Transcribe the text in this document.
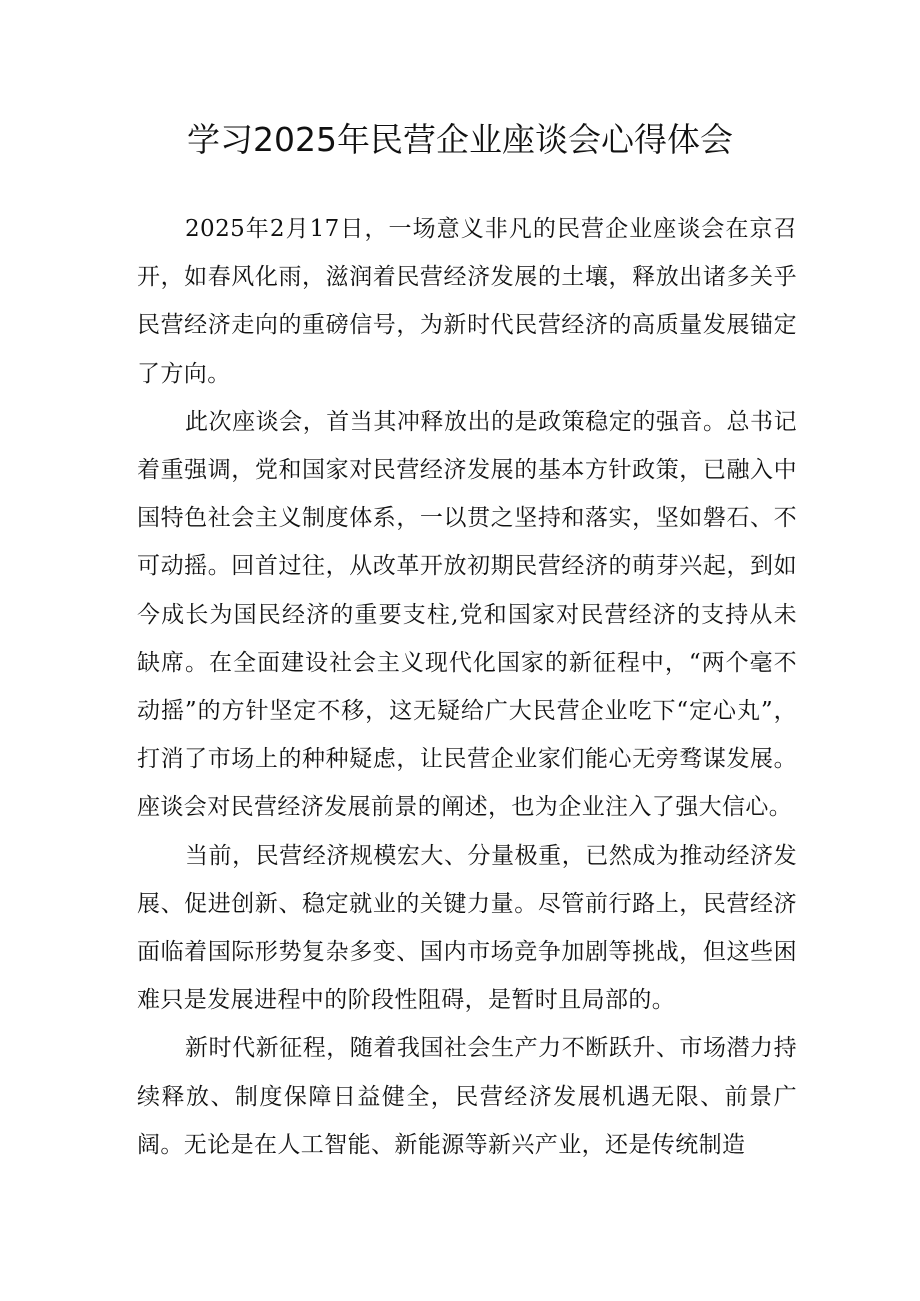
学习2025年民营企业座谈会心得体会

2025年2月17日，一场意义非凡的民营企业座谈会在京召开，如春风化雨，滋润着民营经济发展的土壤，释放出诸多关乎民营经济走向的重磅信号，为新时代民营经济的高质量发展锚定了方向。

此次座谈会，首当其冲释放出的是政策稳定的强音。总书记着重强调，党和国家对民营经济发展的基本方针政策，已融入中国特色社会主义制度体系，一以贯之坚持和落实，坚如磐石、不可动摇。回首过往，从改革开放初期民营经济的萌芽兴起，到如今成长为国民经济的重要支柱,党和国家对民营经济的支持从未缺席。在全面建设社会主义现代化国家的新征程中，“两个毫不动摇”的方针坚定不移，这无疑给广大民营企业吃下“定心丸”，打消了市场上的种种疑虑，让民营企业家们能心无旁骛谋发展。座谈会对民营经济发展前景的阐述，也为企业注入了强大信心。

当前，民营经济规模宏大、分量极重，已然成为推动经济发展、促进创新、稳定就业的关键力量。尽管前行路上，民营经济面临着国际形势复杂多变、国内市场竞争加剧等挑战，但这些困难只是发展进程中的阶段性阻碍，是暂时且局部的。

新时代新征程，随着我国社会生产力不断跃升、市场潜力持续释放、制度保障日益健全，民营经济发展机遇无限、前景广阔。无论是在人工智能、新能源等新兴产业，还是传统制造
